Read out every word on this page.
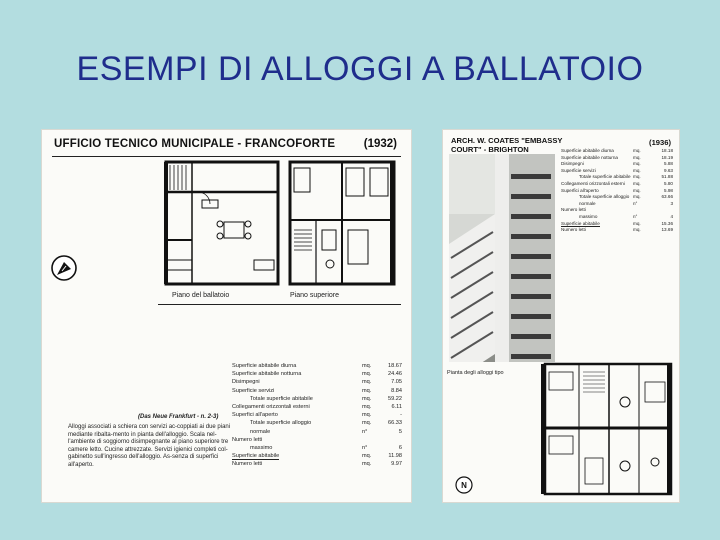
ESEMPI DI ALLOGGI A BALLATOIO
UFFICIO TECNICO MUNICIPALE - FRANCOFORTE (1932)
Piano del ballatoio	Piano superiore
Superficie abitabile diurna	mq.	18.67
Superficie abitabile notturna	mq.	24.46
Disimpegni	mq.	7.05
Superficie servizi	mq.	8.84
Totale superficie abitabile	mq.	59.22
Collegamenti orizzontali esterni	mq.	6.11
Superfici all'aperto	mq.	-
Totale superficie alloggio	mq.	66.33
normale	n°	5
Numero letti
massimo	n°	6
Superficie abitabile	mq.	11.98
Numero letti	mq.	9.97
(Das Neue Frankfurt - n. 2-3)
Alloggi associati a schiera con servizi ac-coppiati ai due piani mediante ribalta-mento in pianta dell'alloggio. Scala nel-l'ambiente di soggiorno disimpegnante al piano superiore tre camere letto. Cucine attrezzate. Servizi igienici completi col-gabinetto sull'ingresso dell'alloggio. As-senza di superfici all'aperto.
ARCH. W. COATES "EMBASSY COURT" - BRIGHTON
(1936)
Superficie abitabile diurna	mq.	18.18
Superficie abitabile notturna	mq.	18.19
Disimpegni	mq.	5.88
Superficie servizi	mq.	9.63
Totale superficie abitabile mq.	51.88
Collegamenti orizzontali esterni	mq.	5.80
Superfici all'aperto	mq.	5.98
Totale superficie alloggio mq.	63.66
normale	n°	3
Numero letti
massimo	n°	4
Superficie abitabile	mq.	15.36
Numero letti	mq.	13.69
Pianta degli alloggi tipo
N
